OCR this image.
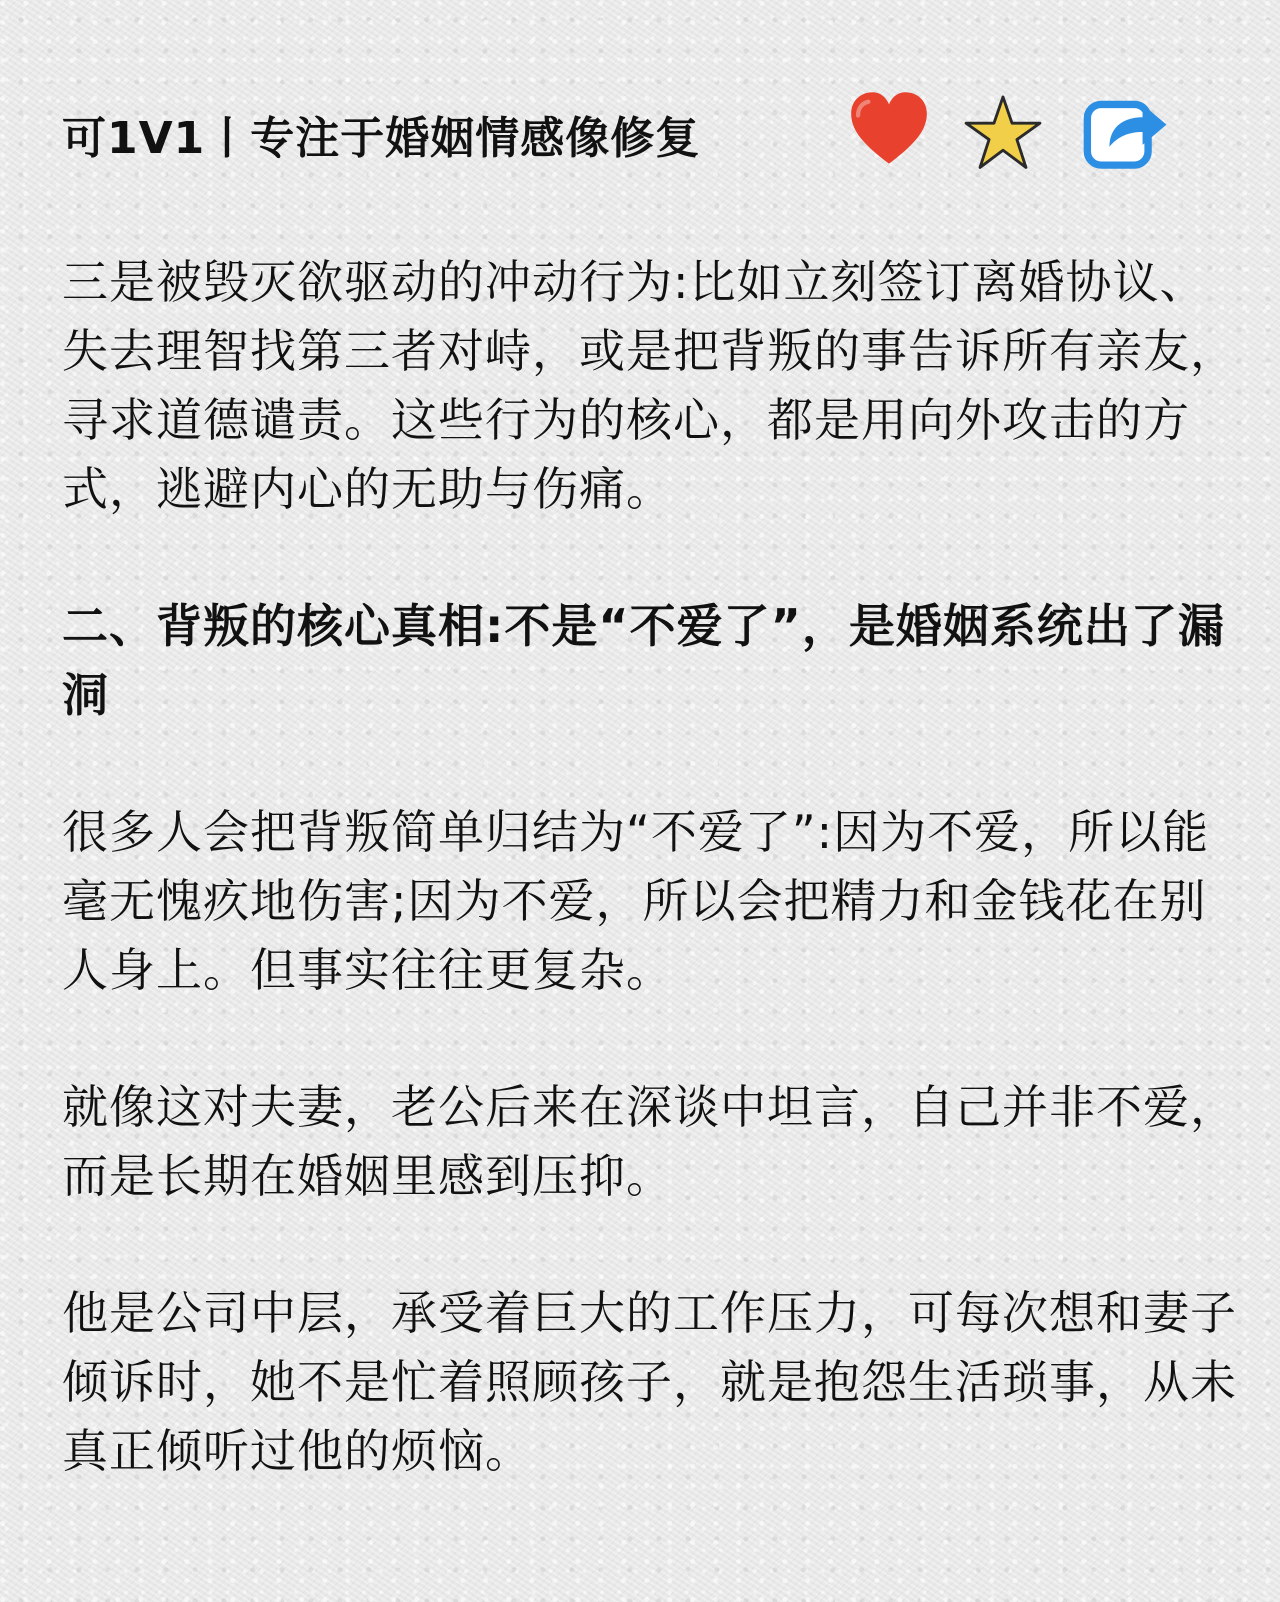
可1V1丨专注于婚姻情感像修复

三是被毁灭欲驱动的冲动行为:比如立刻签订离婚协议、失去理智找第三者对峙，或是把背叛的事告诉所有亲友，寻求道德谴责。这些行为的核心，都是用向外攻击的方式，逃避内心的无助与伤痛。

二、背叛的核心真相:不是“不爱了”，是婚姻系统出了漏洞

很多人会把背叛简单归结为“不爱了”:因为不爱，所以能毫无愧疚地伤害;因为不爱，所以会把精力和金钱花在别人身上。但事实往往更复杂。

就像这对夫妻，老公后来在深谈中坦言，自己并非不爱，而是长期在婚姻里感到压抑。

他是公司中层，承受着巨大的工作压力，可每次想和妻子倾诉时，她不是忙着照顾孩子，就是抱怨生活琐事，从未真正倾听过他的烦恼。
